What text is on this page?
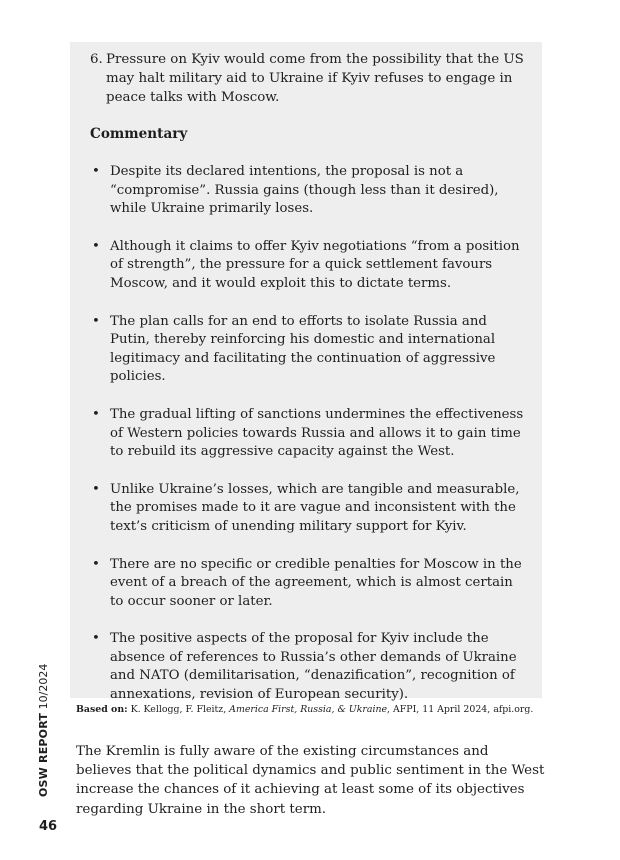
6. Pressure on Kyiv would come from the possibility that the US may halt military aid to Ukraine if Kyiv refuses to engage in peace talks with Moscow.
Commentary
• Despite its declared intentions, the proposal is not a “compromise”. Russia gains (though less than it desired), while Ukraine primarily loses.
• Although it claims to offer Kyiv negotiations “from a position of strength”, the pressure for a quick settlement favours Moscow, and it would exploit this to dictate terms.
• The plan calls for an end to efforts to isolate Russia and Putin, thereby reinforcing his domestic and international legitimacy and facilitating the continuation of aggressive policies.
• The gradual lifting of sanctions undermines the effectiveness of Western policies towards Russia and allows it to gain time to rebuild its aggressive capacity against the West.
• Unlike Ukraine’s losses, which are tangible and measurable, the promises made to it are vague and inconsistent with the text’s criticism of unending military support for Kyiv.
• There are no specific or credible penalties for Moscow in the event of a breach of the agreement, which is almost certain to occur sooner or later.
• The positive aspects of the proposal for Kyiv include the absence of references to Russia’s other demands of Ukraine and NATO (demilitarisation, “denazification”, recognition of annexations, revision of European security).
Based on: K. Kellogg, F. Fleitz, America First, Russia, & Ukraine, AFPI, 11 April 2024, afpi.org.
The Kremlin is fully aware of the existing circumstances and believes that the political dynamics and public sentiment in the West increase the chances of it achieving at least some of its objectives regarding Ukraine in the short term.
OSW REPORT 10/2024
46
